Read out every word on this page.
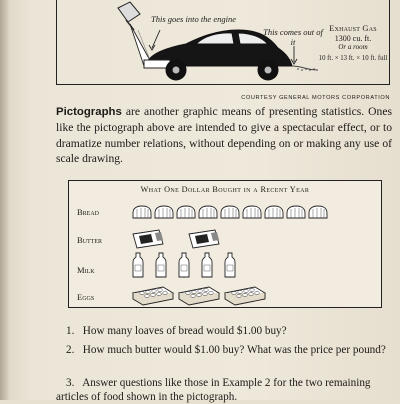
This goes into the engine
This comes out of it
Exhaust Gas
1300 cu. ft.
Or a room
10 ft. × 13 ft. × 10 ft. full
COURTESY GENERAL MOTORS CORPORATION
Pictographs are another graphic means of presenting statistics. Ones like the pictograph above are intended to give a spectacular effect, or to dramatize number relations, without depending on or making any use of scale drawing.
What One Dollar Bought in a Recent Year
Bread
Butter
Milk
Eggs
1. How many loaves of bread would $1.00 buy?
2. How much butter would $1.00 buy? What was the price per pound?
3. Answer questions like those in Example 2 for the two remaining articles of food shown in the pictograph.
